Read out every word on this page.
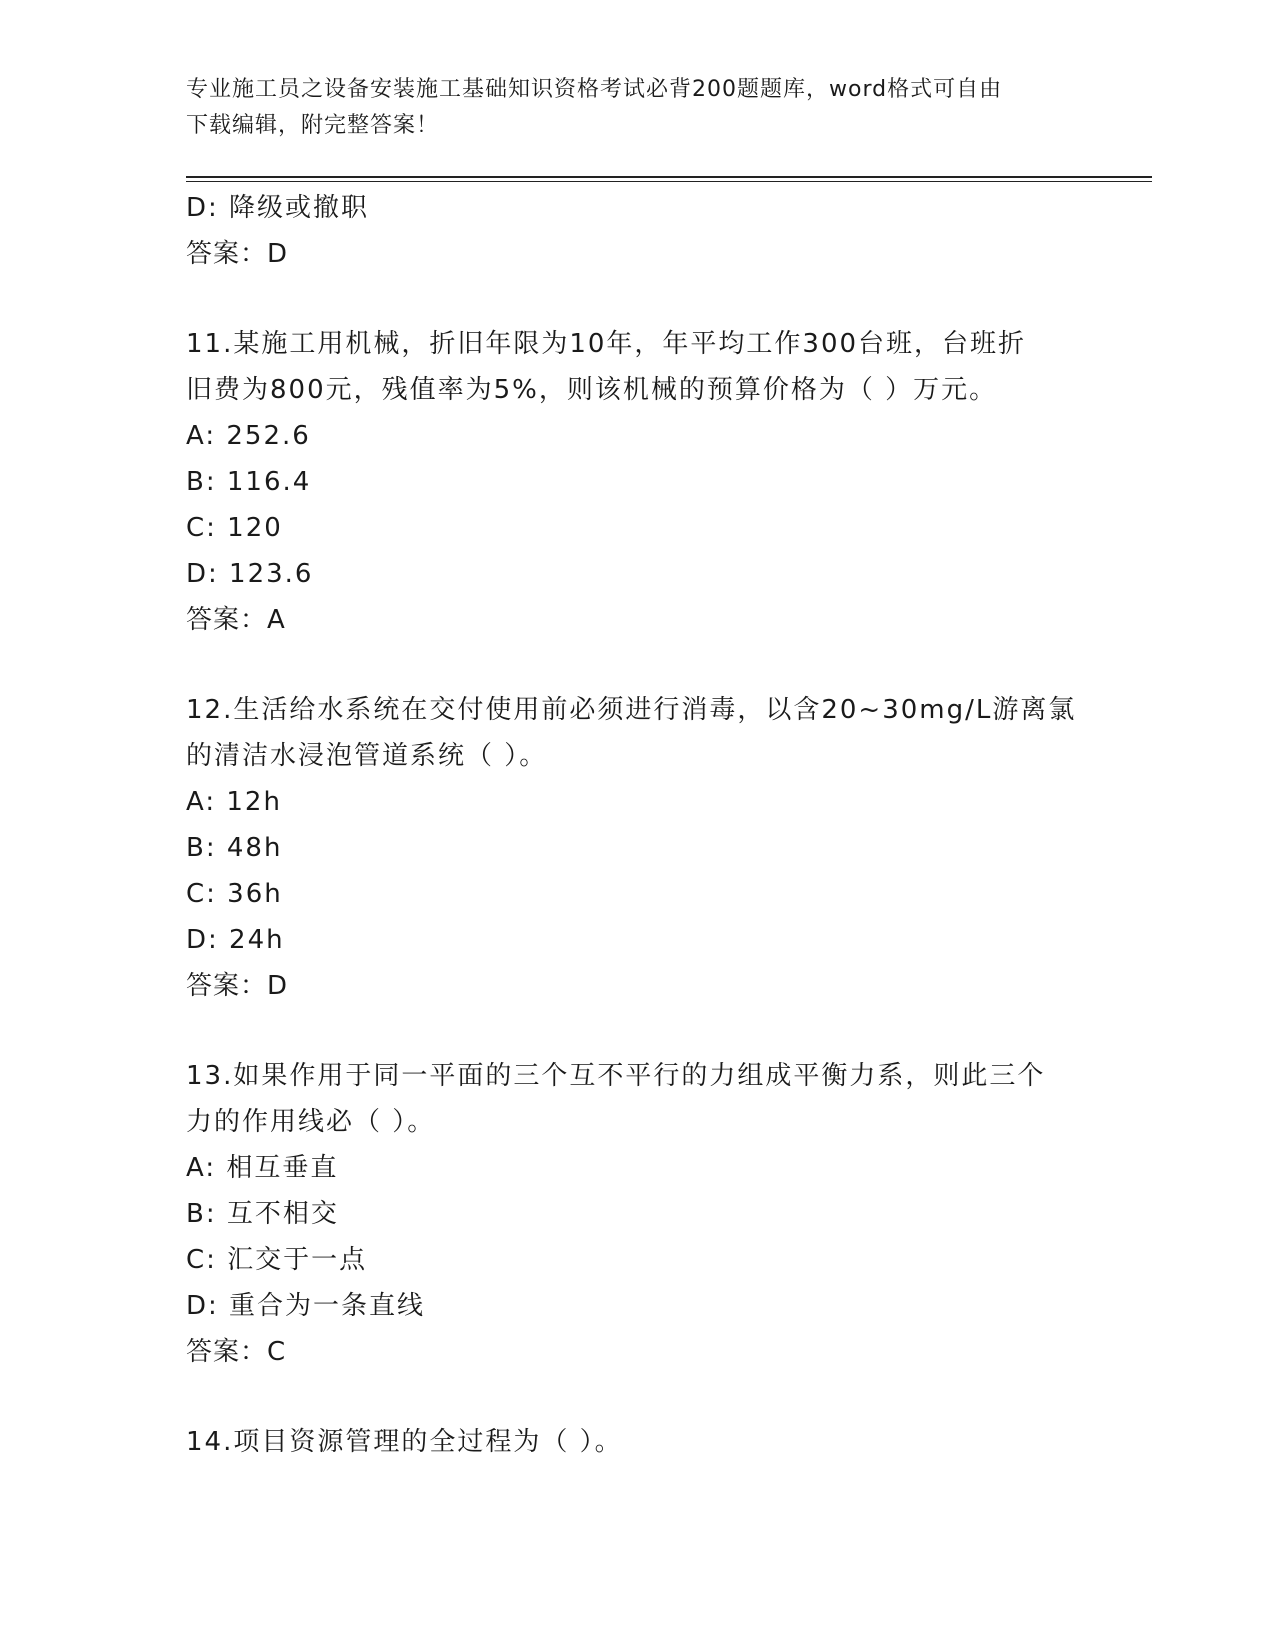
专业施工员之设备安装施工基础知识资格考试必背200题题库，word格式可自由
下载编辑，附完整答案！
D: 降级或撤职
答案：D
11.某施工用机械，折旧年限为10年，年平均工作300台班，台班折
旧费为800元，残值率为5%，则该机械的预算价格为（ ）万元。
A: 252.6
B: 116.4
C: 120
D: 123.6
答案：A
12.生活给水系统在交付使用前必须进行消毒，以含20~30mg/L游离氯
的清洁水浸泡管道系统（ ）。
A: 12h
B: 48h
C: 36h
D: 24h
答案：D
13.如果作用于同一平面的三个互不平行的力组成平衡力系，则此三个
力的作用线必（ ）。
A: 相互垂直
B: 互不相交
C: 汇交于一点
D: 重合为一条直线
答案：C
14.项目资源管理的全过程为（ ）。
